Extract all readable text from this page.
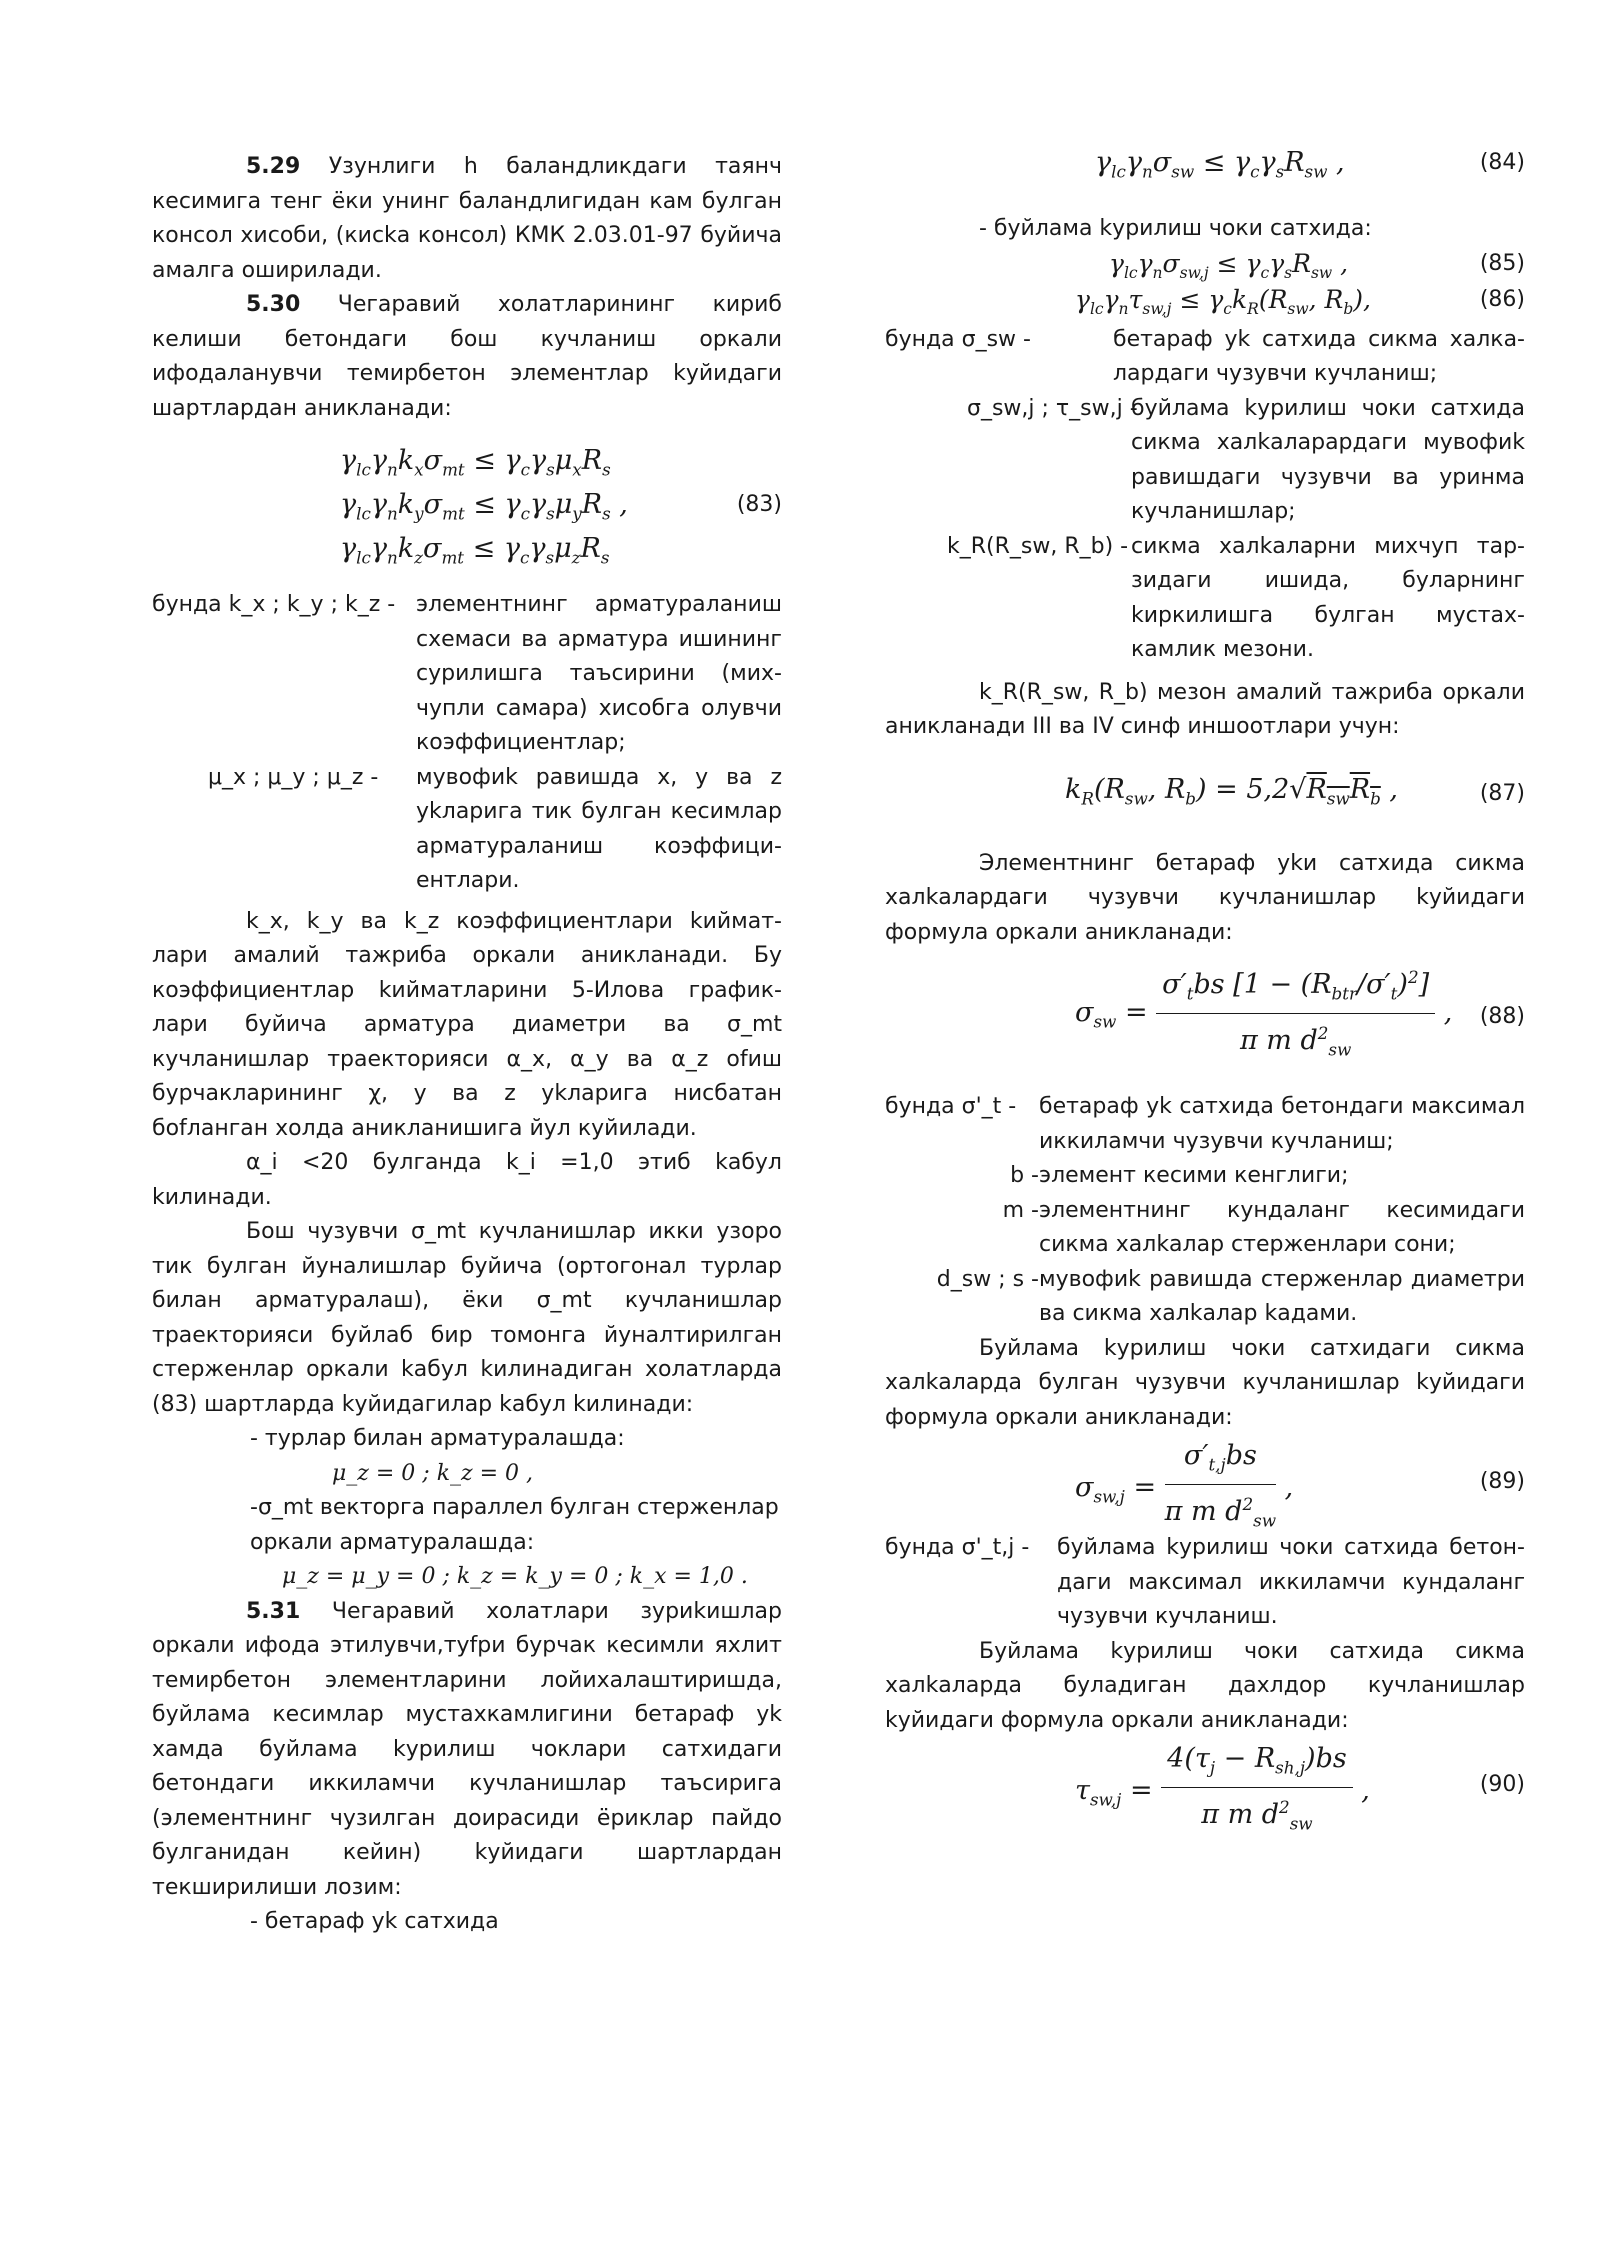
5.29 Узунлиги h баландликдаги таянч кесимига тенг ёки унинг баландлигидан кам булган консол хисоби, (кисkа консол) КМК 2.03.01-97 буйича амалга оширилади.

5.30 Чегаравий холатларининг кириб келиши бетондаги бош кучланиш оркали ифодаланувчи темирбетон элементлар kуйидаги шартлардан аникланади:

$\gamma_{lc}\gamma_nk_x\sigma_{mt} \le \gamma_c\gamma_s\mu_xR_s$
$\gamma_{lc}\gamma_nk_y\sigma_{mt} \le \gamma_c\gamma_s\mu_yR_s$ ,
$\gamma_{lc}\gamma_nk_z\sigma_{mt} \le \gamma_c\gamma_s\mu_zR_s$
(83)
бунда k_x ; k_y ; k_z - элементнинг арматураланиш схемаси ва арматура ишининг сурилишга таъсирини (мих-чупли самара) хисобга олувчи коэффициентлар;
μ_x ; μ_y ; μ_z -	мувофиk равишда x, y ва z уkларига тик булган кесимлар арматураланиш коэффици-ентлари.

k_x, k_y ва k_z коэффициентлари kиймат-лари амалий тажриба оркали аникланади. Бу коэффициентлар kийматларини 5-Илова график-лари буйича арматура диаметри ва σ_mt кучланишлар траекторияси α_x, α_y ва α_z оfиш бурчакларининг χ, y ва z уkларига нисбатан боfланган холда аникланишига йул куйилади.

α_i <20 булганда k_i =1,0 этиб kабул kилинади.

Бош чузувчи σ_mt кучланишлар икки узоро тик булган йуналишлар буйича (ортогонал турлар билан арматуралаш), ёки σ_mt кучланишлар траекторияси буйлаб бир томонга йуналтирилган стерженлар оркали kабул kилинадиган холатларда (83) шартларда kуйидагилар kабул kилинади:

- турлар билан арматуралашда:
μ_z = 0 ; k_z = 0 ,
-σ_mt векторга параллел булган стерженлар оркали арматуралашда:
μ_z = μ_y = 0 ; k_z = k_y = 0 ; k_x = 1,0 .

5.31 Чегаравий холатлари зуриkишлар оркали ифода этилувчи,туfри бурчак кесимли яхлит темирбетон элементларини лойихалаштиришда, буйлама кесимлар мустахкамлигини бетараф уk хамда буйлама kурилиш чоклари сатхидаги бетондаги иккиламчи кучланишлар таъсирига (элементнинг чузилган доирасиди ёриклар пайдо булганидан кейин) kуйидаги шартлардан текширилиши лозим:

- бетараф уk сатхида
$\gamma_{lc}\gamma_n\sigma_{sw} \le \gamma_c\gamma_sR_{sw}$ ,	(84)
- буйлама kурилиш чоки сатхида:
$\gamma_{lc}\gamma_n\sigma_{sw,j} \le \gamma_c\gamma_sR_{sw}$ ,	(85)
$\gamma_{lc}\gamma_n\tau_{sw,j} \le \gamma_ck_R(R_{sw}$, $R_b$),	(86)
бунда σ_sw -	бетараф уk сатхида сикма халка-лардаги чузувчи кучланиш;
σ_sw,j ; τ_sw,j -
буйлама kурилиш чоки сатхида сикма халkаларардаги мувофиk равишдаги чузувчи ва уринма кучланишлар;
k_R(R_sw, R_b) - сикма халkаларни михчуп тар-зидаги ишида, буларнинг kиркилишга булган мустах-камлик мезони.

k_R(R_sw, R_b) мезон амалий тажриба оркали аникланади III ва IV синф иншоотлари учун:

$k_R(R_{sw}$, $R_b) = 5,2√R_{sw}R_b$ ,	(87)

Элементнинг бетараф уkи сатхида сикма халkалардаги чузувчи кучланишлар kуйидаги формула оркали аникланади:

$\sigma_{sw} = \frac{\sigma'_tbs [1 - (R_{btr}/\sigma'_t)^2]}{\pi m d^2_{sw}}$ , (88)
бунда σ'_t -	бетараф уk сатхида бетондаги максимал иккиламчи чузувчи кучланиш;
b - элемент кесими кенглиги;
m - элементнинг кундаланг кесимидаги сикма халkалар стерженлари сони;
d_sw ; s - мувофиk равишда стерженлар диаметри ва сикма халkалар kадами.

Буйлама kурилиш чоки сатхидаги сикма халkаларда булган чузувчи кучланишлар kуйидаги формула оркали аникланади:

$\sigma_{sw,j} = \frac{\sigma'_{t,j}bs}{\pi m d^2_{sw}}$ ,	(89)
бунда σ'_t,j -	буйлама kурилиш чоки сатхида бетон-даги максимал иккиламчи кундаланг чузувчи кучланиш.

Буйлама kурилиш чоки сатхида сикма халkаларда буладиган дахлдор кучланишлар kуйидаги формула оркали аникланади:

$\tau_{sw,j} = \frac{4(\tau_j - R_{sh,j})bs}{\pi m d^2_{sw}}$ ,	(90)
